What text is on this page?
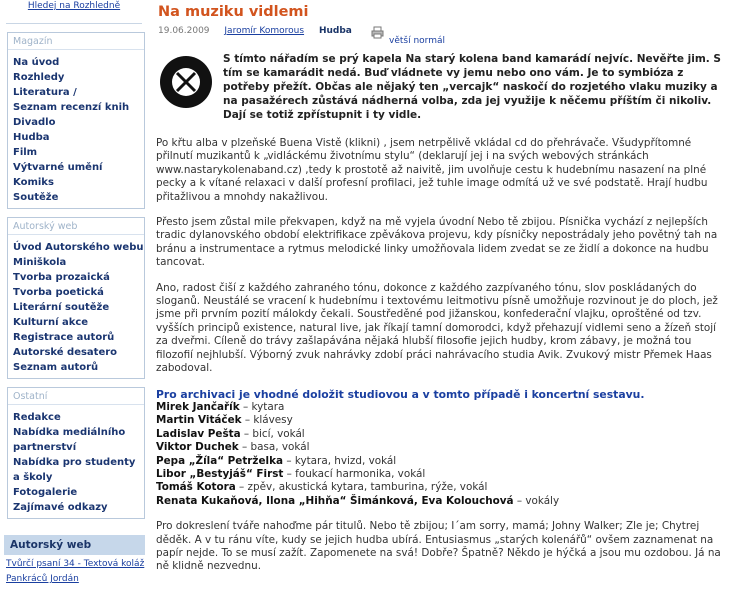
Hledej na Rozhledně
Magazín
Na úvod
Rozhledy
Literatura /
Seznam recenzí knih
Divadlo
Hudba
Film
Výtvarné umění
Komiks
Soutěže
Autorský web
Úvod Autorského webu
Miniškola
Tvorba prozaická
Tvorba poetická
Literární soutěže
Kulturní akce
Registrace autorů
Autorské desatero
Seznam autorů
Ostatní
Redakce
Nabídka mediálního partnerství
Nabídka pro studenty a školy
Fotogalerie
Zajímavé odkazy
Autorský web
Tvůrčí psaní 34 - Textová koláž
Pankráců Jordán
Na muziku vidlemi
19.06.2009 Jaromír Komorous Hudba
větší normál
S tímto nářadím se prý kapela Na starý kolena band kamarádí nejvíc. Nevěřte jim. S tím se kamarádit nedá. Buď vládnete vy jemu nebo ono vám. Je to symbióza z potřeby přežít. Občas ale nějaký ten „vercajk“ naskočí do rozjetého vlaku muziky a na pasažérech zůstává nádherná volba, zda jej využije k něčemu příštím či nikoliv. Dají se totiž zpřístupnit i ty vidle.

Po křtu alba v plzeňské Buena Vistě (klikni) , jsem netrpělivě vkládal cd do přehrávače. Všudypřítomné přilnutí muzikantů k „vidláckému životnímu stylu“ (deklarují jej i na svých webových stránkách www.nastarykolenaband.cz) ,tedy k prostotě až naivitě, jim uvolňuje cestu k hudebnímu nasazení na plné pecky a k vítané relaxaci v další profesní profilaci, jež tuhle image odmítá už ve své podstatě. Hrají hudbu přitažlivou a mnohdy nakažlivou.

Přesto jsem zůstal mile překvapen, když na mě vyjela úvodní Nebo tě zbijou. Písnička vychází z nejlepších tradic dylanovského období elektrifikace zpěvákova projevu, kdy písničky nepostrádaly jeho povětný tah na bránu a instrumentace a rytmus melodické linky umožňovala lidem zvedat se ze židlí a dokonce na hudbu tancovat.

Ano, radost čiší z každého zahraného tónu, dokonce z každého zazpívaného tónu, slov poskládaných do sloganů. Neustálé se vracení k hudebnímu i textovému leitmotivu písně umožňuje rozvinout je do ploch, jež jsme při prvním pozití málokdy čekali. Soustředěné pod jižanskou, konfederační vlajku, oproštěné od tzv. vyšších principů existence, natural live, jak říkají tamní domorodci, když přehazují vidlemi seno a žízeň stojí za dveřmi. Cíleně do trávy zašlapávána nějaká hlubší filosofie jejich hudby, krom zábavy, je možná tou filozofií nejhlubší. Výborný zvuk nahrávky zdobí práci nahrávacího studia Avik. Zvukový mistr Přemek Haas zabodoval.

Pro archivaci je vhodné doložit studiovou a v tomto případě i koncertní sestavu.
Mirek Jančařík – kytara
Martin Vitáček – klávesy
Ladislav Pešta – bicí, vokál
Viktor Duchek – basa, vokál
Pepa „Žíla“ Petrželka – kytara, hvizd, vokál
Libor „Bestyjáš“ First – foukací harmonika, vokál
Tomáš Kotora – zpěv, akustická kytara, tamburina, rýže, vokál
Renata Kukaňová, Ilona „Hihňa“ Šimánková, Eva Kolouchová – vokály

Pro dokreslení tváře nahoďme pár titulů. Nebo tě zbijou; I´am sorry, mamá; Johny Walker; Zle je; Chytrej děděk. A v tu ránu víte, kudy se jejich hudba ubírá. Entusiasmus „starých kolenářů“ ovšem zaznamenat na papír nejde. To se musí zažít. Zapomenete na svá! Dobře? Špatně? Někdo je hýčká a jsou mu ozdobou. Já na ně klidně nezvednu.
